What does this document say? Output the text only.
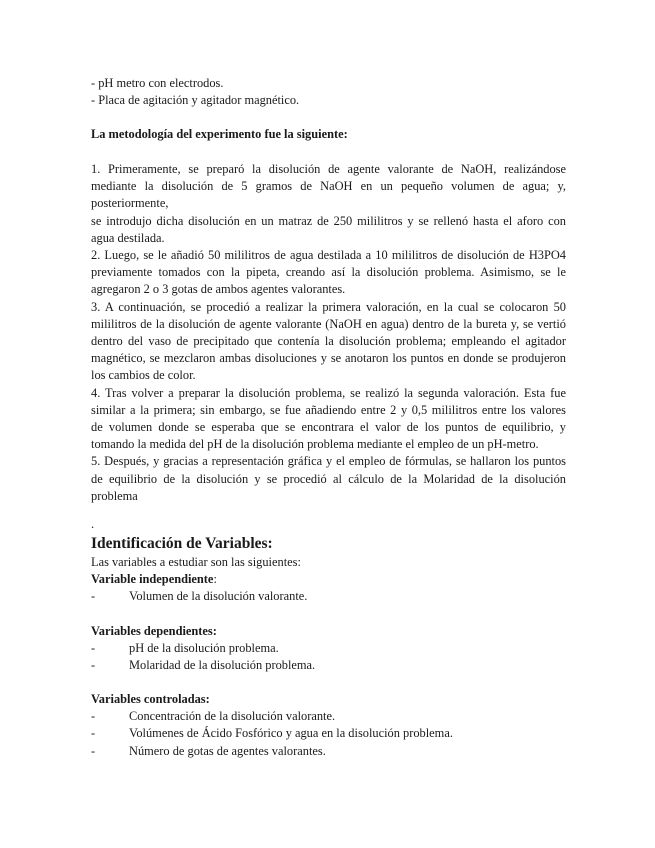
- pH metro con electrodos.
- Placa de agitación y agitador magnético.
La metodología del experimento fue la siguiente:
1. Primeramente, se preparó la disolución de agente valorante de NaOH, realizándose
mediante la disolución de 5 gramos de NaOH en un pequeño volumen de agua; y,
posteriormente,
se introdujo dicha disolución en un matraz de 250 mililitros y se rellenó hasta el aforo con
agua destilada.
2. Luego, se le añadió 50 mililitros de agua destilada a 10 mililitros de disolución de H3PO4
previamente tomados con la pipeta, creando así la disolución problema. Asimismo, se le
agregaron 2 o 3 gotas de ambos agentes valorantes.
3. A continuación, se procedió a realizar la primera valoración, en la cual se colocaron 50
mililitros de la disolución de agente valorante (NaOH en agua) dentro de la bureta y, se vertió
dentro del vaso de precipitado que contenía la disolución problema; empleando el agitador
magnético, se mezclaron ambas disoluciones y se anotaron los puntos en donde se produjeron
los cambios de color.
4. Tras volver a preparar la disolución problema, se realizó la segunda valoración. Esta fue
similar a la primera; sin embargo, se fue añadiendo entre 2 y 0,5 mililitros entre los valores
de volumen donde se esperaba que se encontrara el valor de los puntos de equilibrio, y
tomando la medida del pH de la disolución problema mediante el empleo de un pH-metro.
5. Después, y gracias a representación gráfica y el empleo de fórmulas, se hallaron los puntos
de equilibrio de la disolución y se procedió al cálculo de la Molaridad de la disolución
problema
.
Identificación de Variables:
Las variables a estudiar son las siguientes:
Variable independiente:
-	Volumen de la disolución valorante.
Variables dependientes:
-	pH de la disolución problema.
-	Molaridad de la disolución problema.
Variables controladas:
-	Concentración de la disolución valorante.
-	Volúmenes de Ácido Fosfórico y agua en la disolución problema.
-	Número de gotas de agentes valorantes.
